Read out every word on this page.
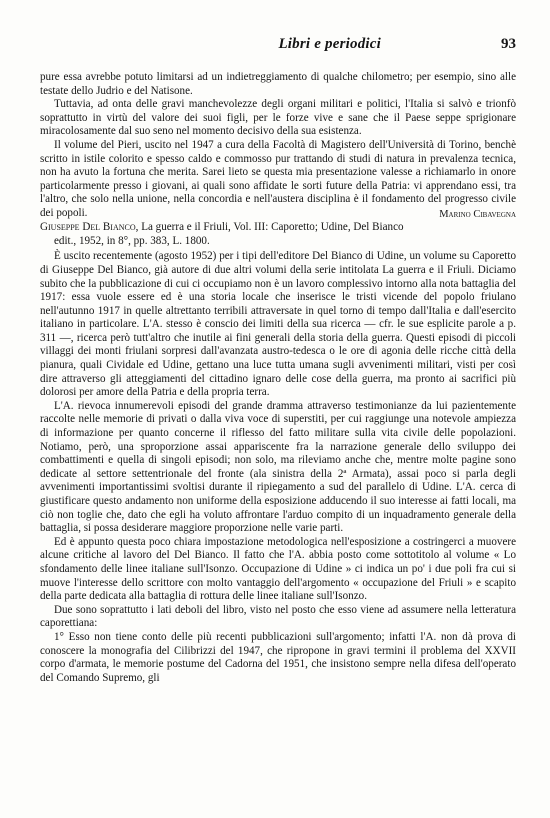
Libri e periodici	93

pure essa avrebbe potuto limitarsi ad un indietreggiamento di qualche chilometro; per esempio, sino alle testate dello Judrio e del Natisone.

Tuttavia, ad onta delle gravi manchevolezze degli organi militari e politici, l'Italia si salvò e trionfò soprattutto in virtù del valore dei suoi figli, per le forze vive e sane che il Paese seppe sprigionare miracolosamente dal suo seno nel momento decisivo della sua esistenza.

Il volume del Pieri, uscito nel 1947 a cura della Facoltà di Magistero dell'Università di Torino, benchè scritto in istile colorito e spesso caldo e commosso pur trattando di studi di natura in prevalenza tecnica, non ha avuto la fortuna che merita. Sarei lieto se questa mia presentazione valesse a richiamarlo in onore particolarmente presso i giovani, ai quali sono affidate le sorti future della Patria: vi apprendano essi, tra l'altro, che solo nella unione, nella concordia e nell'austera disciplina è il fondamento del progresso civile dei popoli.	Marino Cibavegna

Giuseppe Del Bianco, La guerra e il Friuli, Vol. III: Caporetto; Udine, Del Bianco
edit., 1952, in 8°, pp. 383, L. 1800.

È uscito recentemente (agosto 1952) per i tipi dell'editore Del Bianco di Udine, un volume su Caporetto di Giuseppe Del Bianco, già autore di due altri volumi della serie intitolata La guerra e il Friuli. Diciamo subito che la pubblicazione di cui ci occupiamo non è un lavoro complessivo intorno alla nota battaglia del 1917: essa vuole essere ed è una storia locale che inserisce le tristi vicende del popolo friulano nell'autunno 1917 in quelle altrettanto terribili attraversate in quel torno di tempo dall'Italia e dall'esercito italiano in particolare. L'A. stesso è conscio dei limiti della sua ricerca — cfr. le sue esplicite parole a p. 311 —, ricerca però tutt'altro che inutile ai fini generali della storia della guerra. Questi episodi di piccoli villaggi dei monti friulani sorpresi dall'avanzata austro-tedesca o le ore di agonia delle ricche città della pianura, quali Cividale ed Udine, gettano una luce tutta umana sugli avvenimenti militari, visti per così dire attraverso gli atteggiamenti del cittadino ignaro delle cose della guerra, ma pronto ai sacrifici più dolorosi per amore della Patria e della propria terra.

L'A. rievoca innumerevoli episodi del grande dramma attraverso testimonianze da lui pazientemente raccolte nelle memorie di privati o dalla viva voce di superstiti, per cui raggiunge una notevole ampiezza di informazione per quanto concerne il riflesso del fatto militare sulla vita civile delle popolazioni. Notiamo, però, una sproporzione assai appariscente fra la narrazione generale dello sviluppo dei combattimenti e quella di singoli episodi; non solo, ma rileviamo anche che, mentre molte pagine sono dedicate al settore settentrionale del fronte (ala sinistra della 2ª Armata), assai poco si parla degli avvenimenti importantissimi svoltisi durante il ripiegamento a sud del parallelo di Udine. L'A. cerca di giustificare questo andamento non uniforme della esposizione adducendo il suo interesse ai fatti locali, ma ciò non toglie che, dato che egli ha voluto affrontare l'arduo compito di un inquadramento generale della battaglia, si possa desiderare maggiore proporzione nelle varie parti.

Ed è appunto questa poco chiara impostazione metodologica nell'esposizione a costringerci a muovere alcune critiche al lavoro del Del Bianco. Il fatto che l'A. abbia posto come sottotitolo al volume « Lo sfondamento delle linee italiane sull'Isonzo. Occupazione di Udine » ci indica un po' i due poli fra cui si muove l'interesse dello scrittore con molto vantaggio dell'argomento « occupazione del Friuli » e scapito della parte dedicata alla battaglia di rottura delle linee italiane sull'Isonzo.

Due sono soprattutto i lati deboli del libro, visto nel posto che esso viene ad assumere nella letteratura caporettiana:

1° Esso non tiene conto delle più recenti pubblicazioni sull'argomento; infatti l'A. non dà prova di conoscere la monografia del Cilibrizzi del 1947, che ripropone in gravi termini il problema del XXVII corpo d'armata, le memorie postume del Cadorna del 1951, che insistono sempre nella difesa dell'operato del Comando Supremo, gli
